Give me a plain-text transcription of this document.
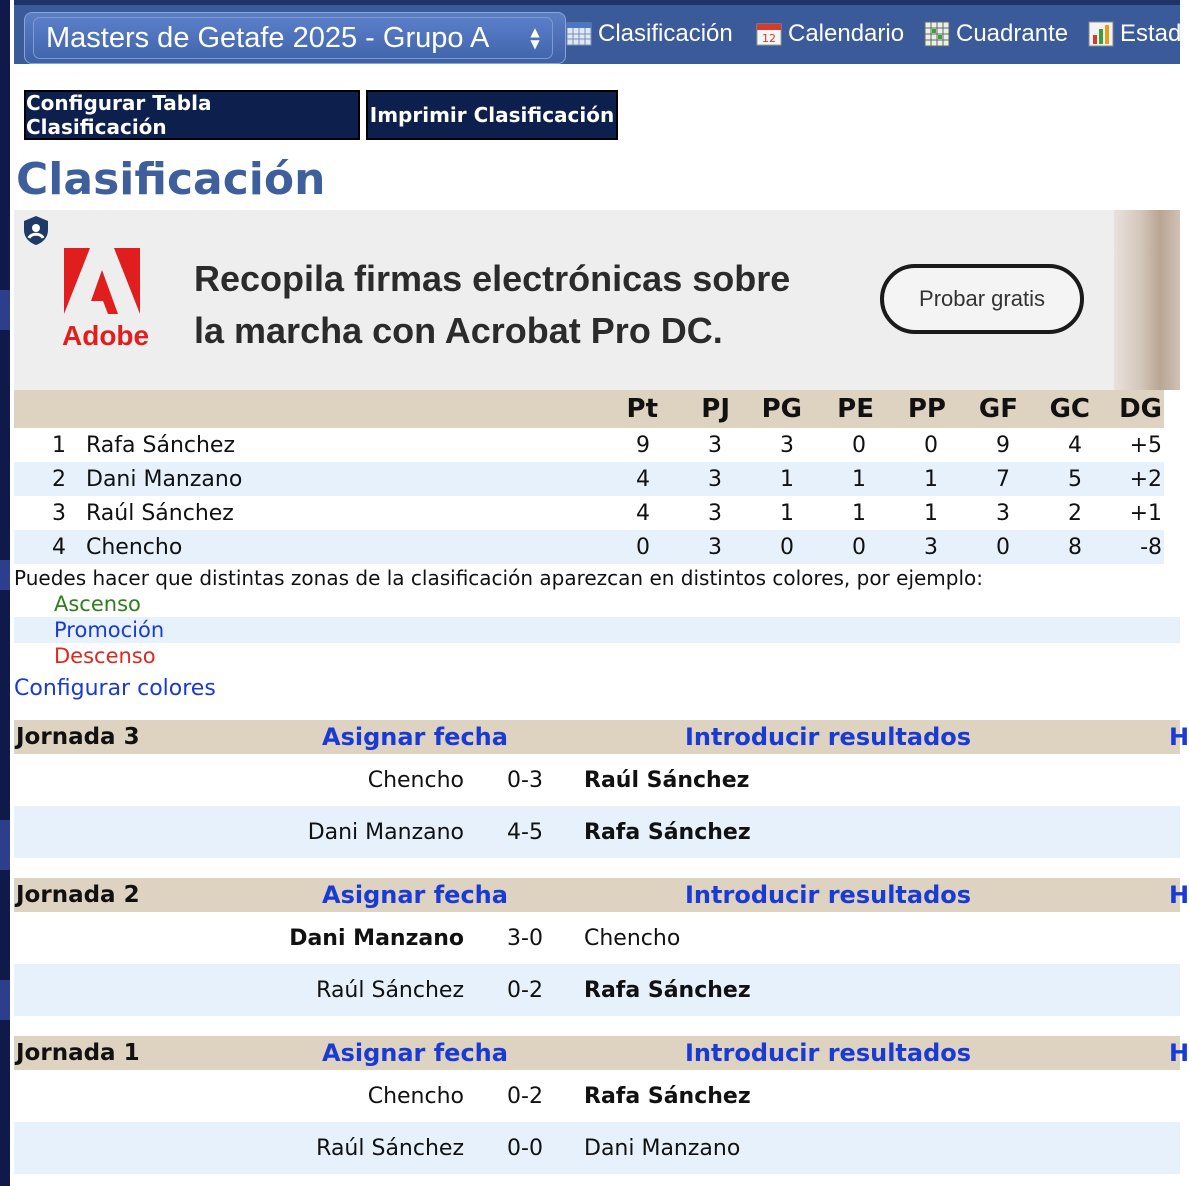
Masters de Getafe 2025 - Grupo A	▲
▼ Clasificación	12 Calendario Cuadrante Estad
Configurar Tabla Clasificación	Imprimir Clasificación
Clasificación
Adobe
Recopila firmas electrónicas sobre
la marcha con Acrobat Pro DC.
Probar gratis
Pt	PJ	PG	PE	PP	GF	GC	DG
1 Rafa Sánchez	9	3	3	0	0	9	4	+5
2 Dani Manzano	4	3	1	1	1	7	5	+2
3 Raúl Sánchez	4	3	1	1	1	3	2	+1
4 Chencho	0	3	0	0	3	0	8	-8
Puedes hacer que distintas zonas de la clasificación aparezcan en distintos colores, por ejemplo:
Ascenso
Promoción
Descenso
Configurar colores
Jornada 3	Asignar fecha	Introducir resultados	H
Chencho	0-3	Raúl Sánchez
Dani Manzano	4-5	Rafa Sánchez
Jornada 2	Asignar fecha	Introducir resultados	H
Dani Manzano	3-0	Chencho
Raúl Sánchez	0-2	Rafa Sánchez
Jornada 1	Asignar fecha	Introducir resultados	H
Chencho	0-2	Rafa Sánchez
Raúl Sánchez	0-0	Dani Manzano
